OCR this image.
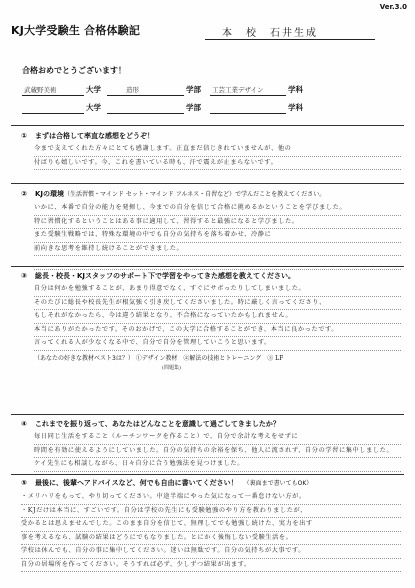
Ver.3.0
KJ大学受験生 合格体験記	本　校　石井生成
合格おめでとうございます！
武蔵野美術	大学	造形	学部 工芸工業デザイン	学科
大学	学部	学科
① まずは合格して率直な感想をどうぞ！
今まで支えてくれた方々にとても感謝します。正直まだ信じきれていませんが、他の
付ばりも嬉しいです。今、これを書いている時も、汗で震えが止まらないです。
② KJの環境（生活習慣・マインド セット・マインド フルネス・自習など）で学んだことを教えてください。
いかに、本番で自分の能力を発揮し、今までの自分を信じて合格に挑めるかということを学びました。
特に習慣化するということはある事に適用して、習得すると最強になると学びました。
また受験生戦略では、特殊な環境の中でも自分の気持ちを落ち着かせ、冷静に
前向きな思考を維持し続けることができました。
③ 総長・校長・KJスタッフのサポート下で学習をやってきた感想を教えてください。
自分は何かを勉強することが、あまり得意でなく、すぐにサボったりしてしまいました。
そのたびに総長や校長先生が根気強く引き戻してくださいました。時に厳しく言ってくださり、
もしそれがなかったら、今は違う結果となり、不合格になっていたかもしれません。
本当にありがたかったです。そのおかげで、この大学に合格することができ、本当に良かったです。
言ってくれる人が少なくなる中で、自分で自分を管理していこうと思います。
（あなたの好きな教材ベスト3は？） ①デザイン教材　②解法の技術とトレーニング　③ LF
(問題集)
④ これまでを振り返って、あなたはどんなことを意識して過ごしてきましたか？
毎日同じ生活をすること（ルーチンワークを作ること）で、自分で余計な考えをせずに
時間を有効に使えるようにしていました。自分の気持ちの余裕を保ち、他人に流されず、自分の学習に集中しました。
ケイ先生にも相談しながら、日々自分に合う勉強法を見つけました。
⑤ 最後に、後輩へアドバイスなど、何でも自由に書いてください！ （裏面まで書いてもOK）
・メリハリをもって、やり切ってください。中途半端にやった気になって一番怠けない方が。
・KJだけは本当に、すごいです。自分は学校の先生にも受験勉強のやり方を教わりましたが、
受かるとは思えませんでした。このまま自分を信じて、無理してでも勉強し続けた、実力を出す
事を考えるなら、試験の結果はどうにでもなりました。とにかく後悔しない受験生活を。
学校は休んでも、自分の事に集中してください。迷いは無駄です。自分の気持ちが大事です。
自分の居場所を作ってください。そうすれば必ず、少しずつ結果が出ます。
